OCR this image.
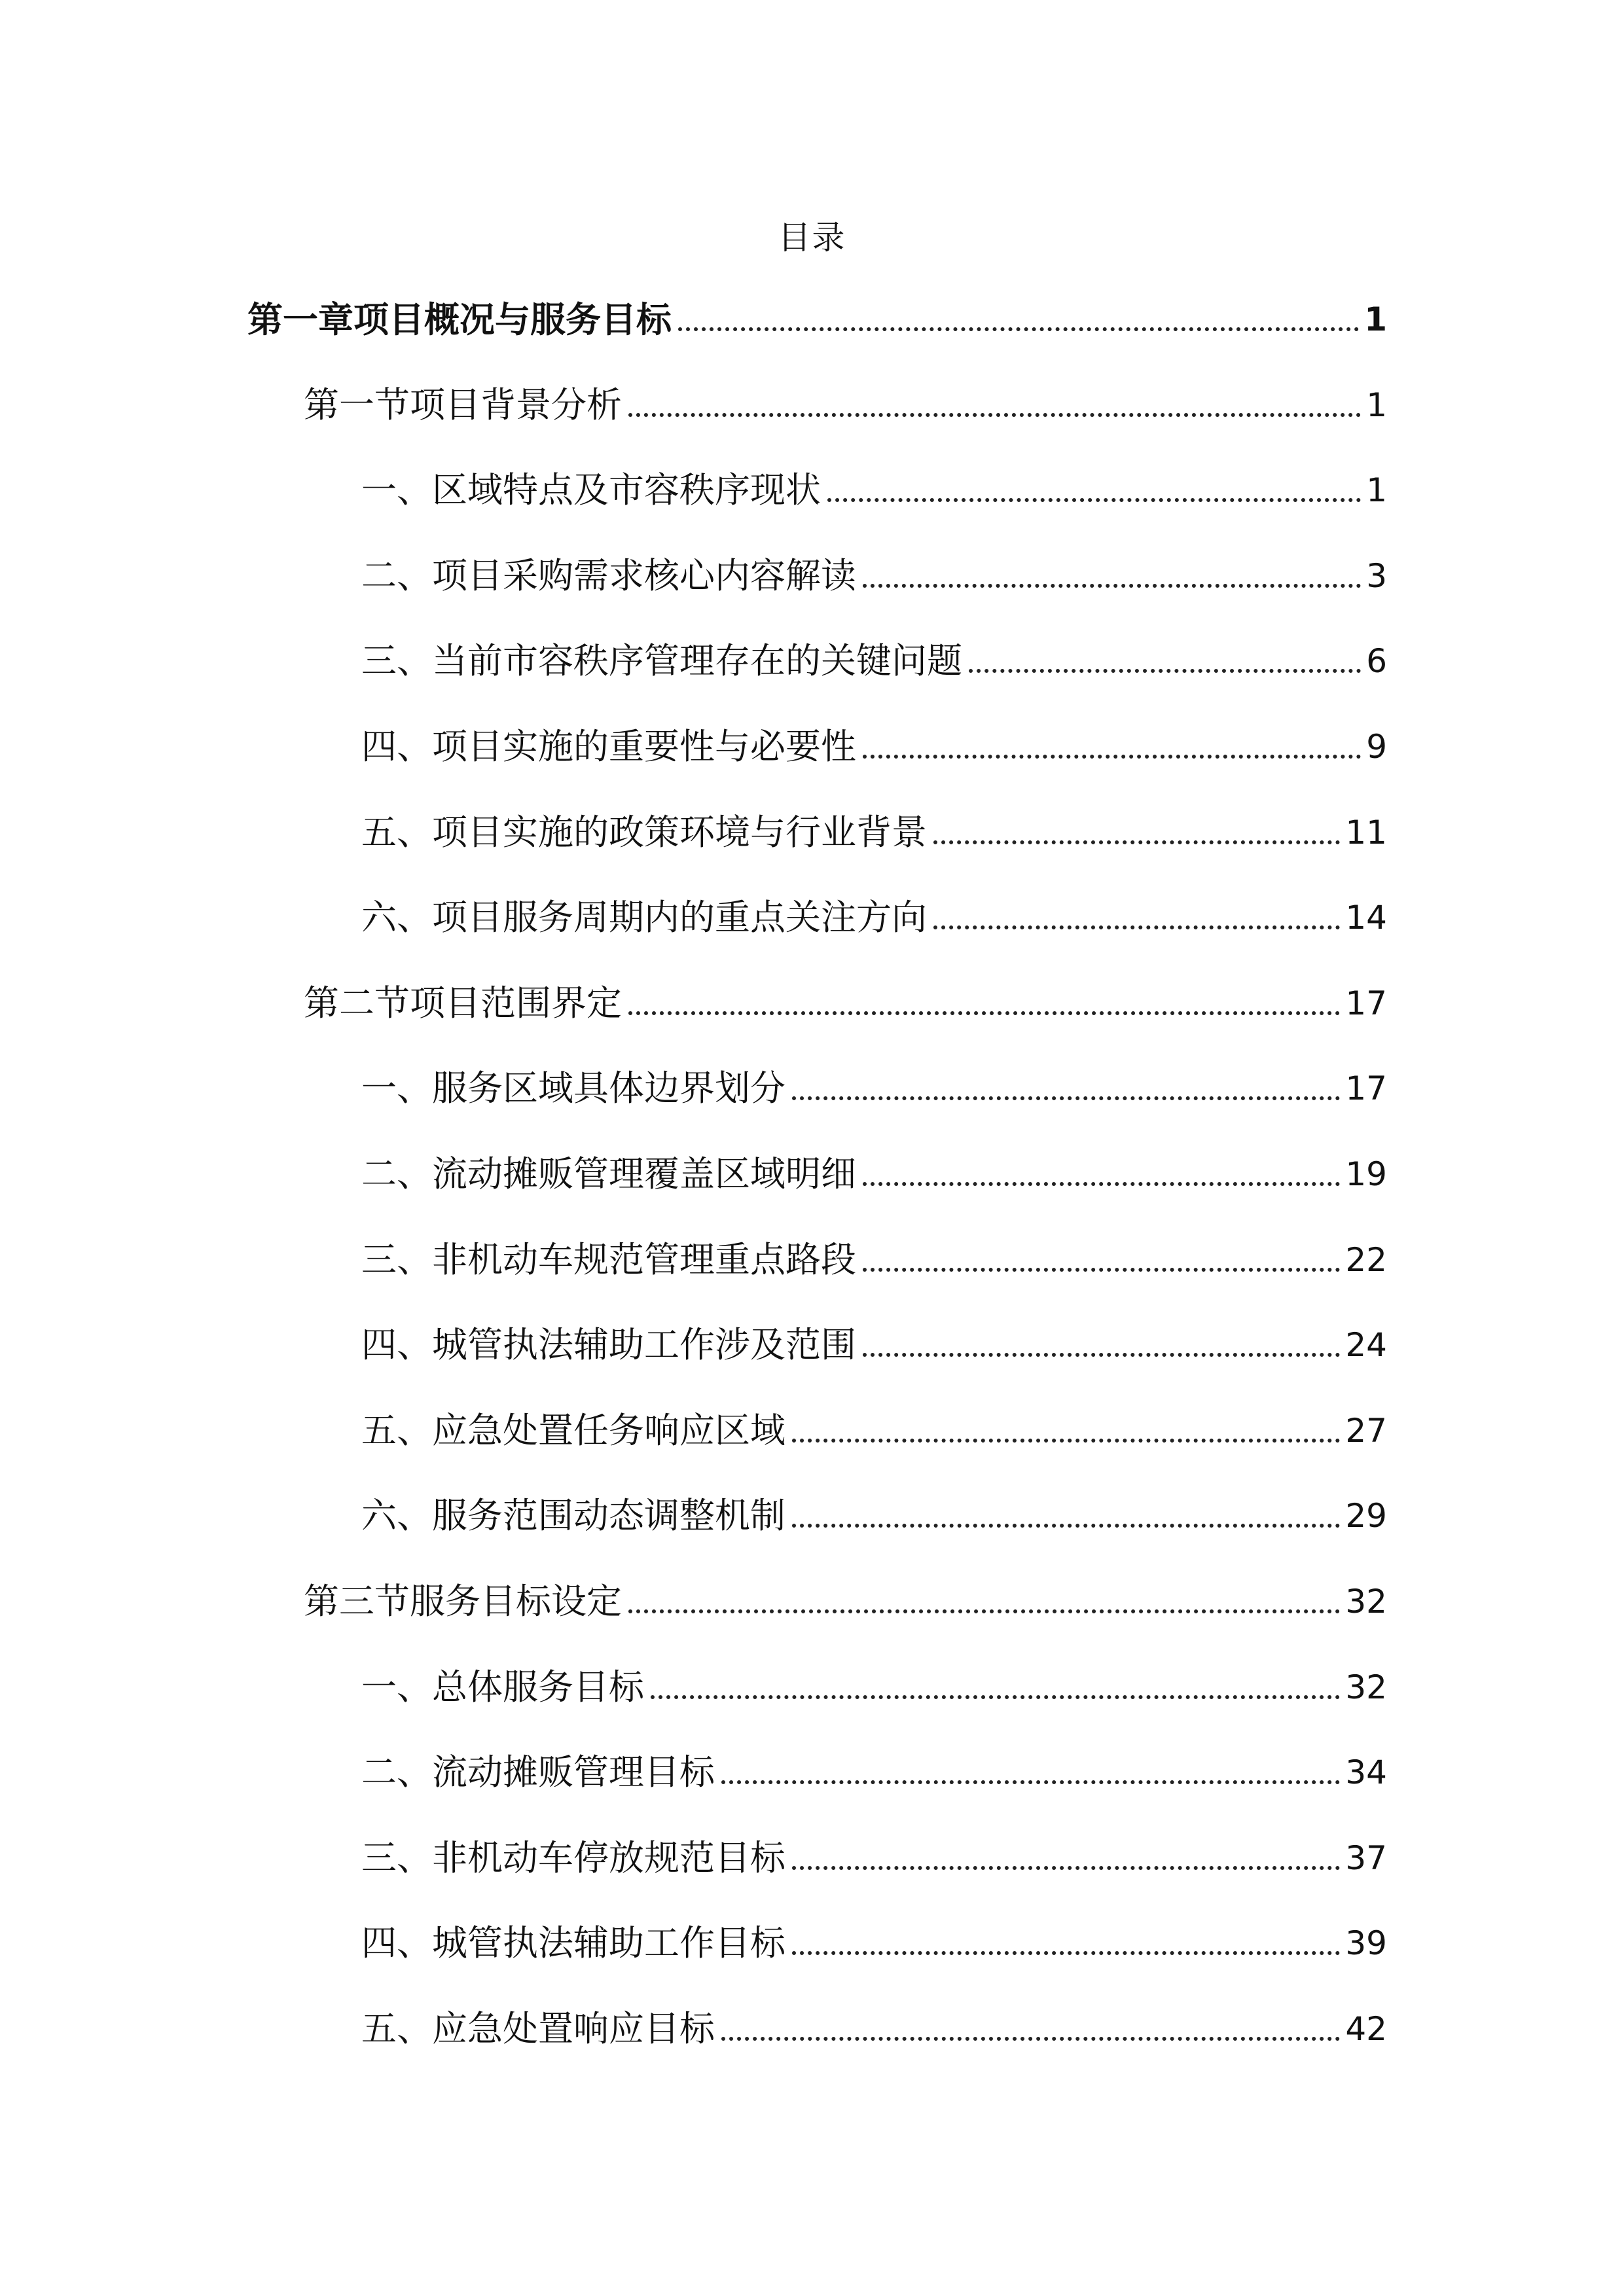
目录
第一章项目概况与服务目标	1
第一节项目背景分析	1
一、区域特点及市容秩序现状	1
二、项目采购需求核心内容解读	3
三、当前市容秩序管理存在的关键问题	6
四、项目实施的重要性与必要性	9
五、项目实施的政策环境与行业背景	11
六、项目服务周期内的重点关注方向	14
第二节项目范围界定	17
一、服务区域具体边界划分	17
二、流动摊贩管理覆盖区域明细	19
三、非机动车规范管理重点路段	22
四、城管执法辅助工作涉及范围	24
五、应急处置任务响应区域	27
六、服务范围动态调整机制	29
第三节服务目标设定	32
一、总体服务目标	32
二、流动摊贩管理目标	34
三、非机动车停放规范目标	37
四、城管执法辅助工作目标	39
五、应急处置响应目标	42
